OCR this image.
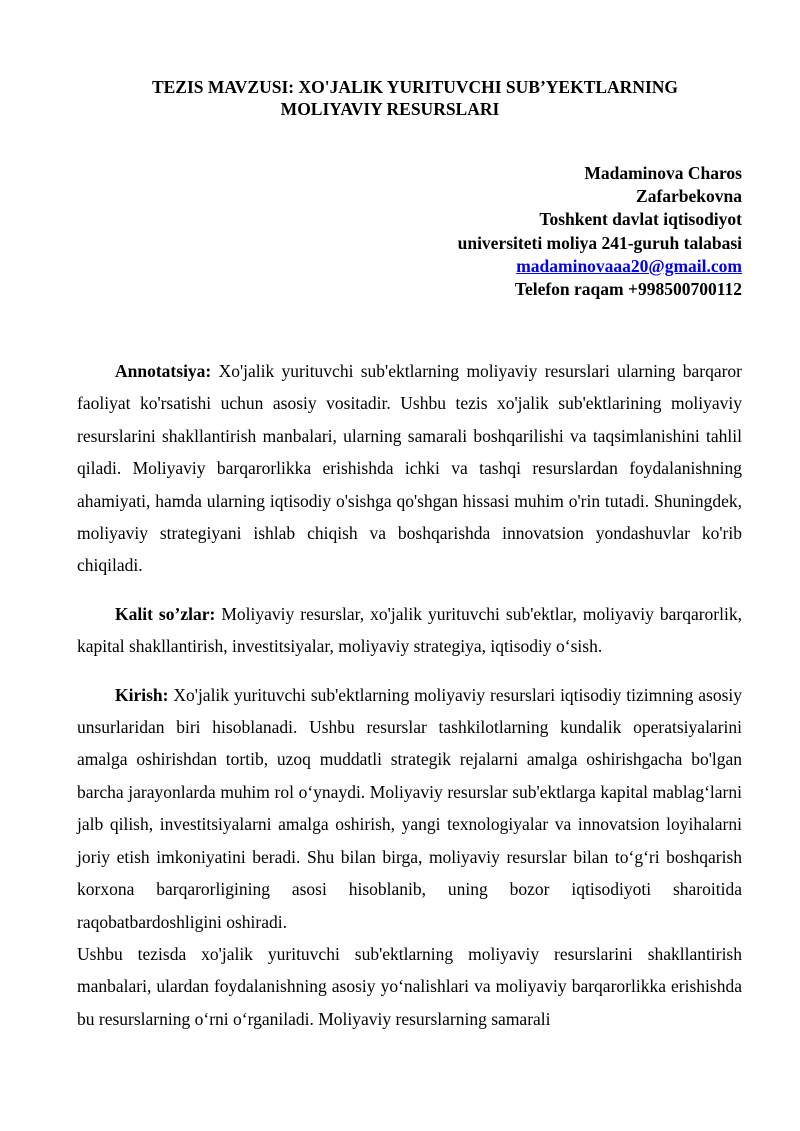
TEZIS MAVZUSI: XO'JALIK YURITUVCHI SUB’YEKTLARNING
MOLIYAVIY RESURSLARI
Madaminova Charos
Zafarbekovna
Toshkent davlat iqtisodiyot
universiteti moliya 241-guruh talabasi
madaminovaaa20@gmail.com
Telefon raqam +998500700112

Annotatsiya: Xo'jalik yurituvchi sub'ektlarning moliyaviy resurslari ularning barqaror faoliyat ko'rsatishi uchun asosiy vositadir. Ushbu tezis xo'jalik sub'ektlarining moliyaviy resurslarini shakllantirish manbalari, ularning samarali boshqarilishi va taqsimlanishini tahlil qiladi. Moliyaviy barqarorlikka erishishda ichki va tashqi resurslardan foydalanishning ahamiyati, hamda ularning iqtisodiy o'sishga qo'shgan hissasi muhim o'rin tutadi. Shuningdek, moliyaviy strategiyani ishlab chiqish va boshqarishda innovatsion yondashuvlar ko'rib chiqiladi.

Kalit so’zlar: Moliyaviy resurslar, xo'jalik yurituvchi sub'ektlar, moliyaviy barqarorlik, kapital shakllantirish, investitsiyalar, moliyaviy strategiya, iqtisodiy o‘sish.

Kirish: Xo'jalik yurituvchi sub'ektlarning moliyaviy resurslari iqtisodiy tizimning asosiy unsurlaridan biri hisoblanadi. Ushbu resurslar tashkilotlarning kundalik operatsiyalarini amalga oshirishdan tortib, uzoq muddatli strategik rejalarni amalga oshirishgacha bo'lgan barcha jarayonlarda muhim rol o‘ynaydi. Moliyaviy resurslar sub'ektlarga kapital mablag‘larni jalb qilish, investitsiyalarni amalga oshirish, yangi texnologiyalar va innovatsion loyihalarni joriy etish imkoniyatini beradi. Shu bilan birga, moliyaviy resurslar bilan to‘g‘ri boshqarish korxona barqarorligining asosi hisoblanib, uning bozor iqtisodiyoti sharoitida raqobatbardoshligini oshiradi.

Ushbu tezisda xo'jalik yurituvchi sub'ektlarning moliyaviy resurslarini shakllantirish manbalari, ulardan foydalanishning asosiy yo‘nalishlari va moliyaviy barqarorlikka erishishda bu resurslarning o‘rni o‘rganiladi. Moliyaviy resurslarning samarali
